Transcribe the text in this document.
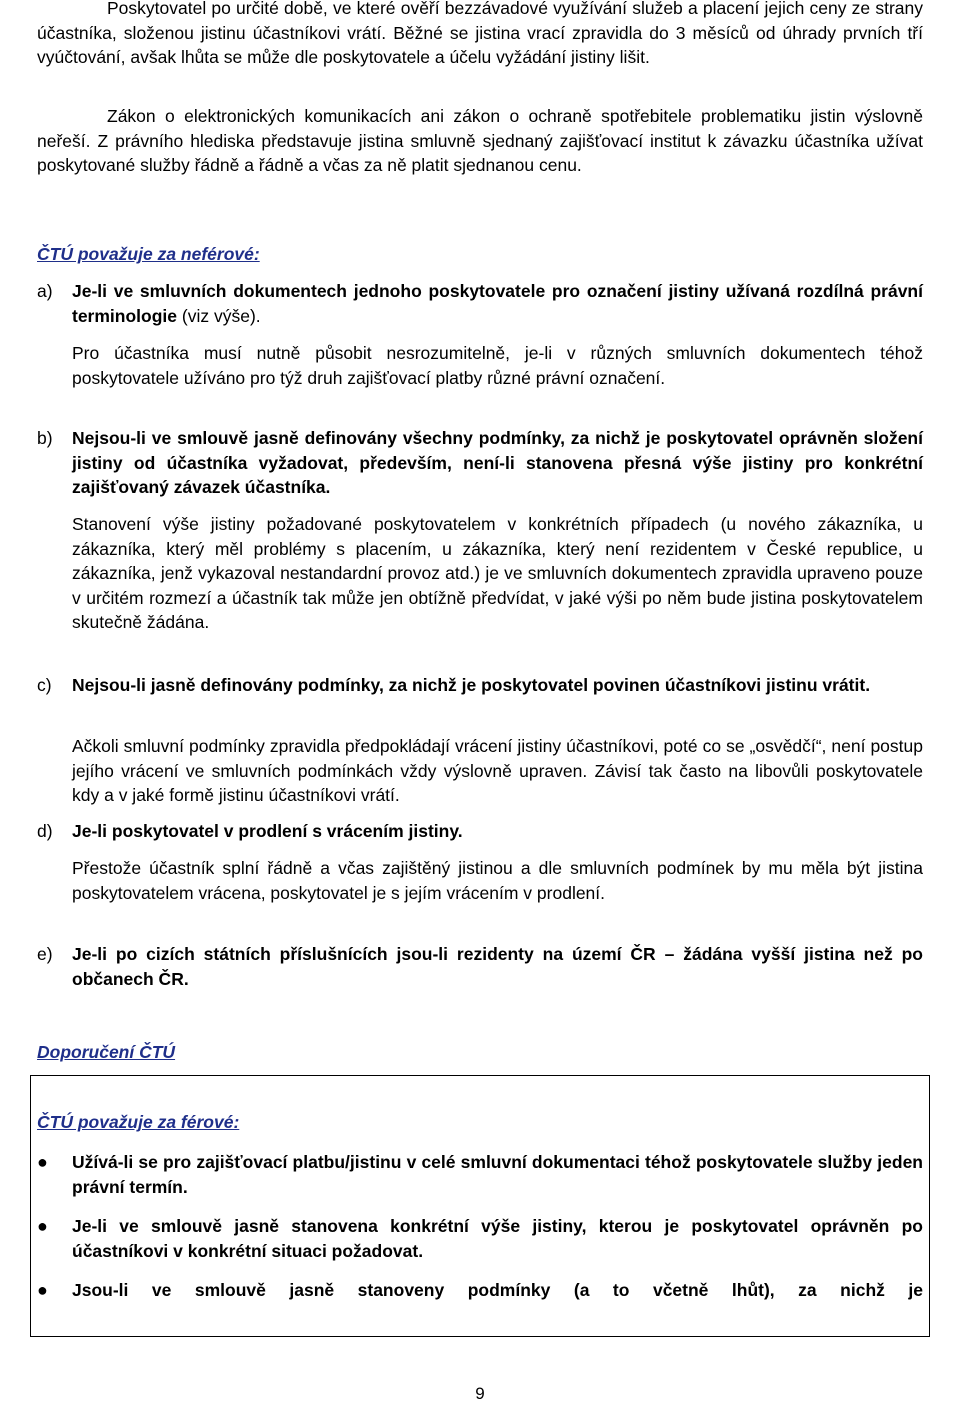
Poskytovatel po určité době, ve které ověří bezzávadové využívání služeb a placení jejich ceny ze strany účastníka, složenou jistinu účastníkovi vrátí. Běžné se jistina vrací zpravidla do 3 měsíců od úhrady prvních tří vyúčtování, avšak lhůta se může dle poskytovatele a účelu vyžádání jistiny lišit.

Zákon o elektronických komunikacích ani zákon o ochraně spotřebitele problematiku jistin výslovně neřeší. Z právního hlediska představuje jistina smluvně sjednaný zajišťovací institut k závazku účastníka užívat poskytované služby řádně a řádně a včas za ně platit sjednanou cenu.

ČTÚ považuje za neférové:
a) Je-li ve smluvních dokumentech jednoho poskytovatele pro označení jistiny užívaná rozdílná právní terminologie (viz výše).

Pro účastníka musí nutně působit nesrozumitelně, je-li v různých smluvních dokumentech téhož poskytovatele užíváno pro týž druh zajišťovací platby různé právní označení.

b) Nejsou-li ve smlouvě jasně definovány všechny podmínky, za nichž je poskytovatel oprávněn složení jistiny od účastníka vyžadovat, především, není-li stanovena přesná výše jistiny pro konkrétní zajišťovaný závazek účastníka.

Stanovení výše jistiny požadované poskytovatelem v konkrétních případech (u nového zákazníka, u zákazníka, který měl problémy s placením, u zákazníka, který není rezidentem v České republice, u zákazníka, jenž vykazoval nestandardní provoz atd.) je ve smluvních dokumentech zpravidla upraveno pouze v určitém rozmezí a účastník tak může jen obtížně předvídat, v jaké výši po něm bude jistina poskytovatelem skutečně žádána.

c) Nejsou-li jasně definovány podmínky, za nichž je poskytovatel povinen účastníkovi jistinu vrátit.

Ačkoli smluvní podmínky zpravidla předpokládají vrácení jistiny účastníkovi, poté co se „osvědčí“, není postup jejího vrácení ve smluvních podmínkách vždy výslovně upraven. Závisí tak často na libovůli poskytovatele kdy a v jaké formě jistinu účastníkovi vrátí.

d) Je-li poskytovatel v prodlení s vrácením jistiny.

Přestože účastník splní řádně a včas zajištěný jistinou a dle smluvních podmínek by mu měla být jistina poskytovatelem vrácena, poskytovatel je s jejím vrácením v prodlení.

e) Je-li po cizích státních příslušnících jsou-li rezidenty na území ČR – žádána vyšší jistina než po občanech ČR.
Doporučení ČTÚ
ČTÚ považuje za férové:
● Užívá-li se pro zajišťovací platbu/jistinu v celé smluvní dokumentaci téhož poskytovatele služby jeden právní termín.
● Je-li ve smlouvě jasně stanovena konkrétní výše jistiny, kterou je poskytovatel oprávněn po účastníkovi v konkrétní situaci požadovat.
● Jsou-li ve smlouvě jasně stanoveny podmínky (a to včetně lhůt), za nichž je
9
